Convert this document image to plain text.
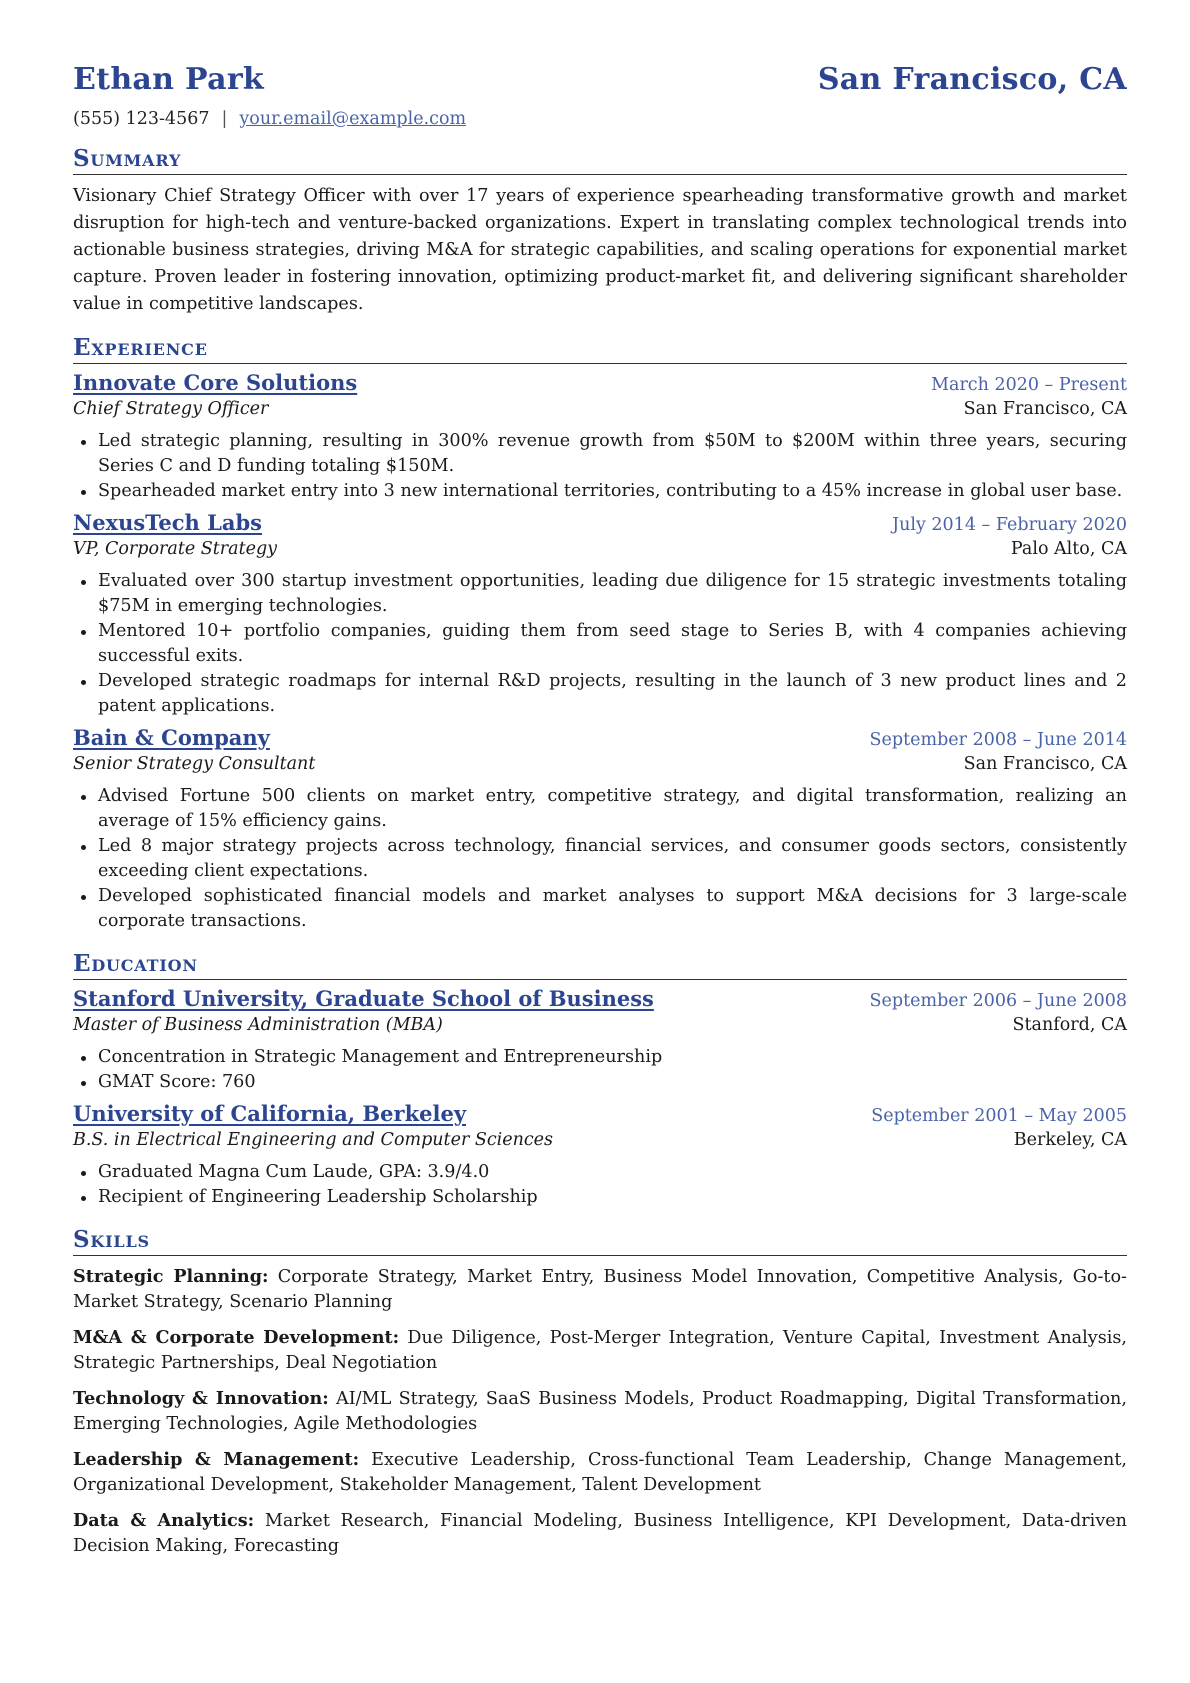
Ethan Park	San Francisco, CA
(555) 123-4567 | your.email@example.com
Summary
Visionary Chief Strategy Officer with over 17 years of experience spearheading transformative growth and market disruption for high-tech and venture-backed organizations. Expert in translating complex technological trends into actionable business strategies, driving M&A for strategic capabilities, and scaling operations for exponential market capture. Proven leader in fostering innovation, optimizing product-market fit, and delivering significant shareholder value in competitive landscapes.
Experience
Innovate Core Solutions	March 2020 – Present
Chief Strategy Officer	San Francisco, CA
Led strategic planning, resulting in 300% revenue growth from $50M to $200M within three years, securing Series C and D funding totaling $150M.
Spearheaded market entry into 3 new international territories, contributing to a 45% increase in global user base.
NexusTech Labs	July 2014 – February 2020
VP, Corporate Strategy	Palo Alto, CA
Evaluated over 300 startup investment opportunities, leading due diligence for 15 strategic investments totaling $75M in emerging technologies.
Mentored 10+ portfolio companies, guiding them from seed stage to Series B, with 4 companies achieving successful exits.
Developed strategic roadmaps for internal R&D projects, resulting in the launch of 3 new product lines and 2 patent applications.
Bain & Company	September 2008 – June 2014
Senior Strategy Consultant	San Francisco, CA
Advised Fortune 500 clients on market entry, competitive strategy, and digital transformation, realizing an average of 15% efficiency gains.
Led 8 major strategy projects across technology, financial services, and consumer goods sectors, consistently exceeding client expectations.
Developed sophisticated financial models and market analyses to support M&A decisions for 3 large-scale corporate transactions.
Education
Stanford University, Graduate School of Business	September 2006 – June 2008
Master of Business Administration (MBA)	Stanford, CA
Concentration in Strategic Management and Entrepreneurship
GMAT Score: 760
University of California, Berkeley	September 2001 – May 2005
B.S. in Electrical Engineering and Computer Sciences	Berkeley, CA
Graduated Magna Cum Laude, GPA: 3.9/4.0
Recipient of Engineering Leadership Scholarship
Skills
Strategic Planning: Corporate Strategy, Market Entry, Business Model Innovation, Competitive Analysis, Go-to-Market Strategy, Scenario Planning
M&A & Corporate Development: Due Diligence, Post-Merger Integration, Venture Capital, Investment Analysis, Strategic Partnerships, Deal Negotiation
Technology & Innovation: AI/ML Strategy, SaaS Business Models, Product Roadmapping, Digital Transformation, Emerging Technologies, Agile Methodologies
Leadership & Management: Executive Leadership, Cross-functional Team Leadership, Change Management, Organizational Development, Stakeholder Management, Talent Development
Data & Analytics: Market Research, Financial Modeling, Business Intelligence, KPI Development, Data-driven Decision Making, Forecasting
